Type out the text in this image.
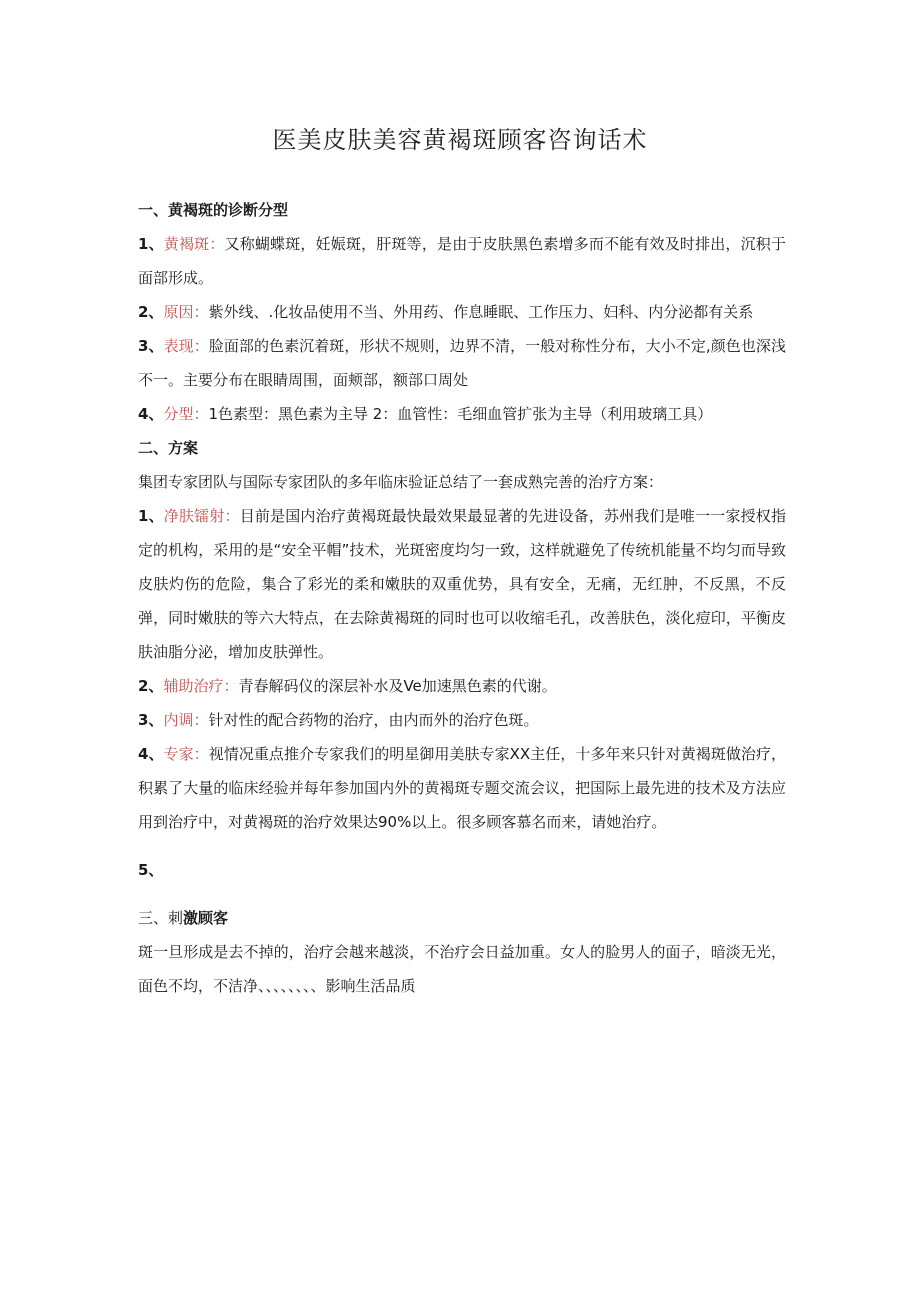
医美皮肤美容黄褐斑顾客咨询话术

一、黄褐斑的诊断分型

1、黄褐斑：又称蝴蝶斑，妊娠斑，肝斑等，是由于皮肤黑色素增多而不能有效及时排出，沉积于面部形成。

2、原因：紫外线、.化妆品使用不当、外用药、作息睡眠、工作压力、妇科、内分泌都有关系

3、表现：脸面部的色素沉着斑，形状不规则，边界不清，一般对称性分布，大小不定,颜色也深浅不一。主要分布在眼睛周围，面颊部，额部口周处

4、分型：1色素型：黑色素为主导 2：血管性：毛细血管扩张为主导（利用玻璃工具）

二、方案

集团专家团队与国际专家团队的多年临床验证总结了一套成熟完善的治疗方案：

1、净肤镭射：目前是国内治疗黄褐斑最快最效果最显著的先进设备，苏州我们是唯一一家授权指定的机构，采用的是“安全平帽”技术，光斑密度均匀一致，这样就避免了传统机能量不均匀而导致皮肤灼伤的危险，集合了彩光的柔和嫩肤的双重优势，具有安全，无痛，无红肿，不反黑，不反弹，同时嫩肤的等六大特点，在去除黄褐斑的同时也可以收缩毛孔，改善肤色，淡化痘印，平衡皮肤油脂分泌，增加皮肤弹性。

2、辅助治疗：青春解码仪的深层补水及Ve加速黑色素的代谢。

3、内调：针对性的配合药物的治疗，由内而外的治疗色斑。

4、专家：视情况重点推介专家我们的明星御用美肤专家XX主任，十多年来只针对黄褐斑做治疗，积累了大量的临床经验并每年参加国内外的黄褐斑专题交流会议，把国际上最先进的技术及方法应用到治疗中，对黄褐斑的治疗效果达90%以上。很多顾客慕名而来，请她治疗。

5、

三、刺激顾客

斑一旦形成是去不掉的，治疗会越来越淡，不治疗会日益加重。女人的脸男人的面子，暗淡无光，面色不均，不洁净、、、、、、、、影响生活品质
